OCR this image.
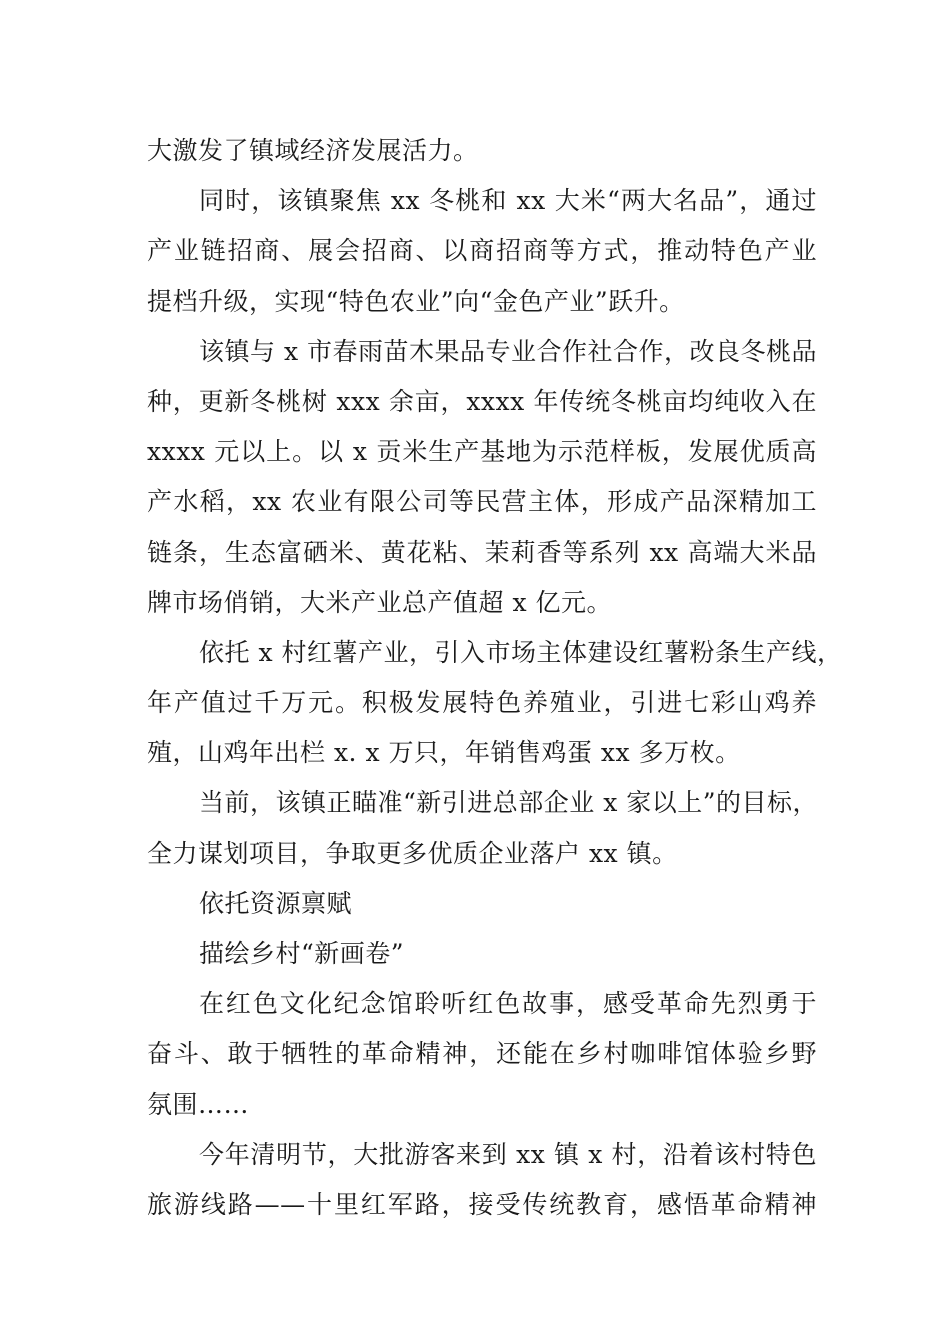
大激发了镇域经济发展活力。
同时，该镇聚焦 xx 冬桃和 xx 大米“两大名品”，通过
产业链招商、展会招商、以商招商等方式，推动特色产业
提档升级，实现“特色农业”向“金色产业”跃升。
该镇与 x 市春雨苗木果品专业合作社合作，改良冬桃品
种，更新冬桃树 xxx 余亩，xxxx 年传统冬桃亩均纯收入在
xxxx 元以上。以 x 贡米生产基地为示范样板，发展优质高
产水稻，xx 农业有限公司等民营主体，形成产品深精加工
链条，生态富硒米、黄花粘、茉莉香等系列 xx 高端大米品
牌市场俏销，大米产业总产值超 x 亿元。
依托 x 村红薯产业，引入市场主体建设红薯粉条生产线，
年产值过千万元。积极发展特色养殖业，引进七彩山鸡养
殖，山鸡年出栏 x. x 万只，年销售鸡蛋 xx 多万枚。
当前，该镇正瞄准“新引进总部企业 x 家以上”的目标，
全力谋划项目，争取更多优质企业落户 xx 镇。
依托资源禀赋
描绘乡村“新画卷”
在红色文化纪念馆聆听红色故事，感受革命先烈勇于
奋斗、敢于牺牲的革命精神，还能在乡村咖啡馆体验乡野
氛围……
今年清明节，大批游客来到 xx 镇 x 村，沿着该村特色
旅游线路——十里红军路，接受传统教育，感悟革命精神
